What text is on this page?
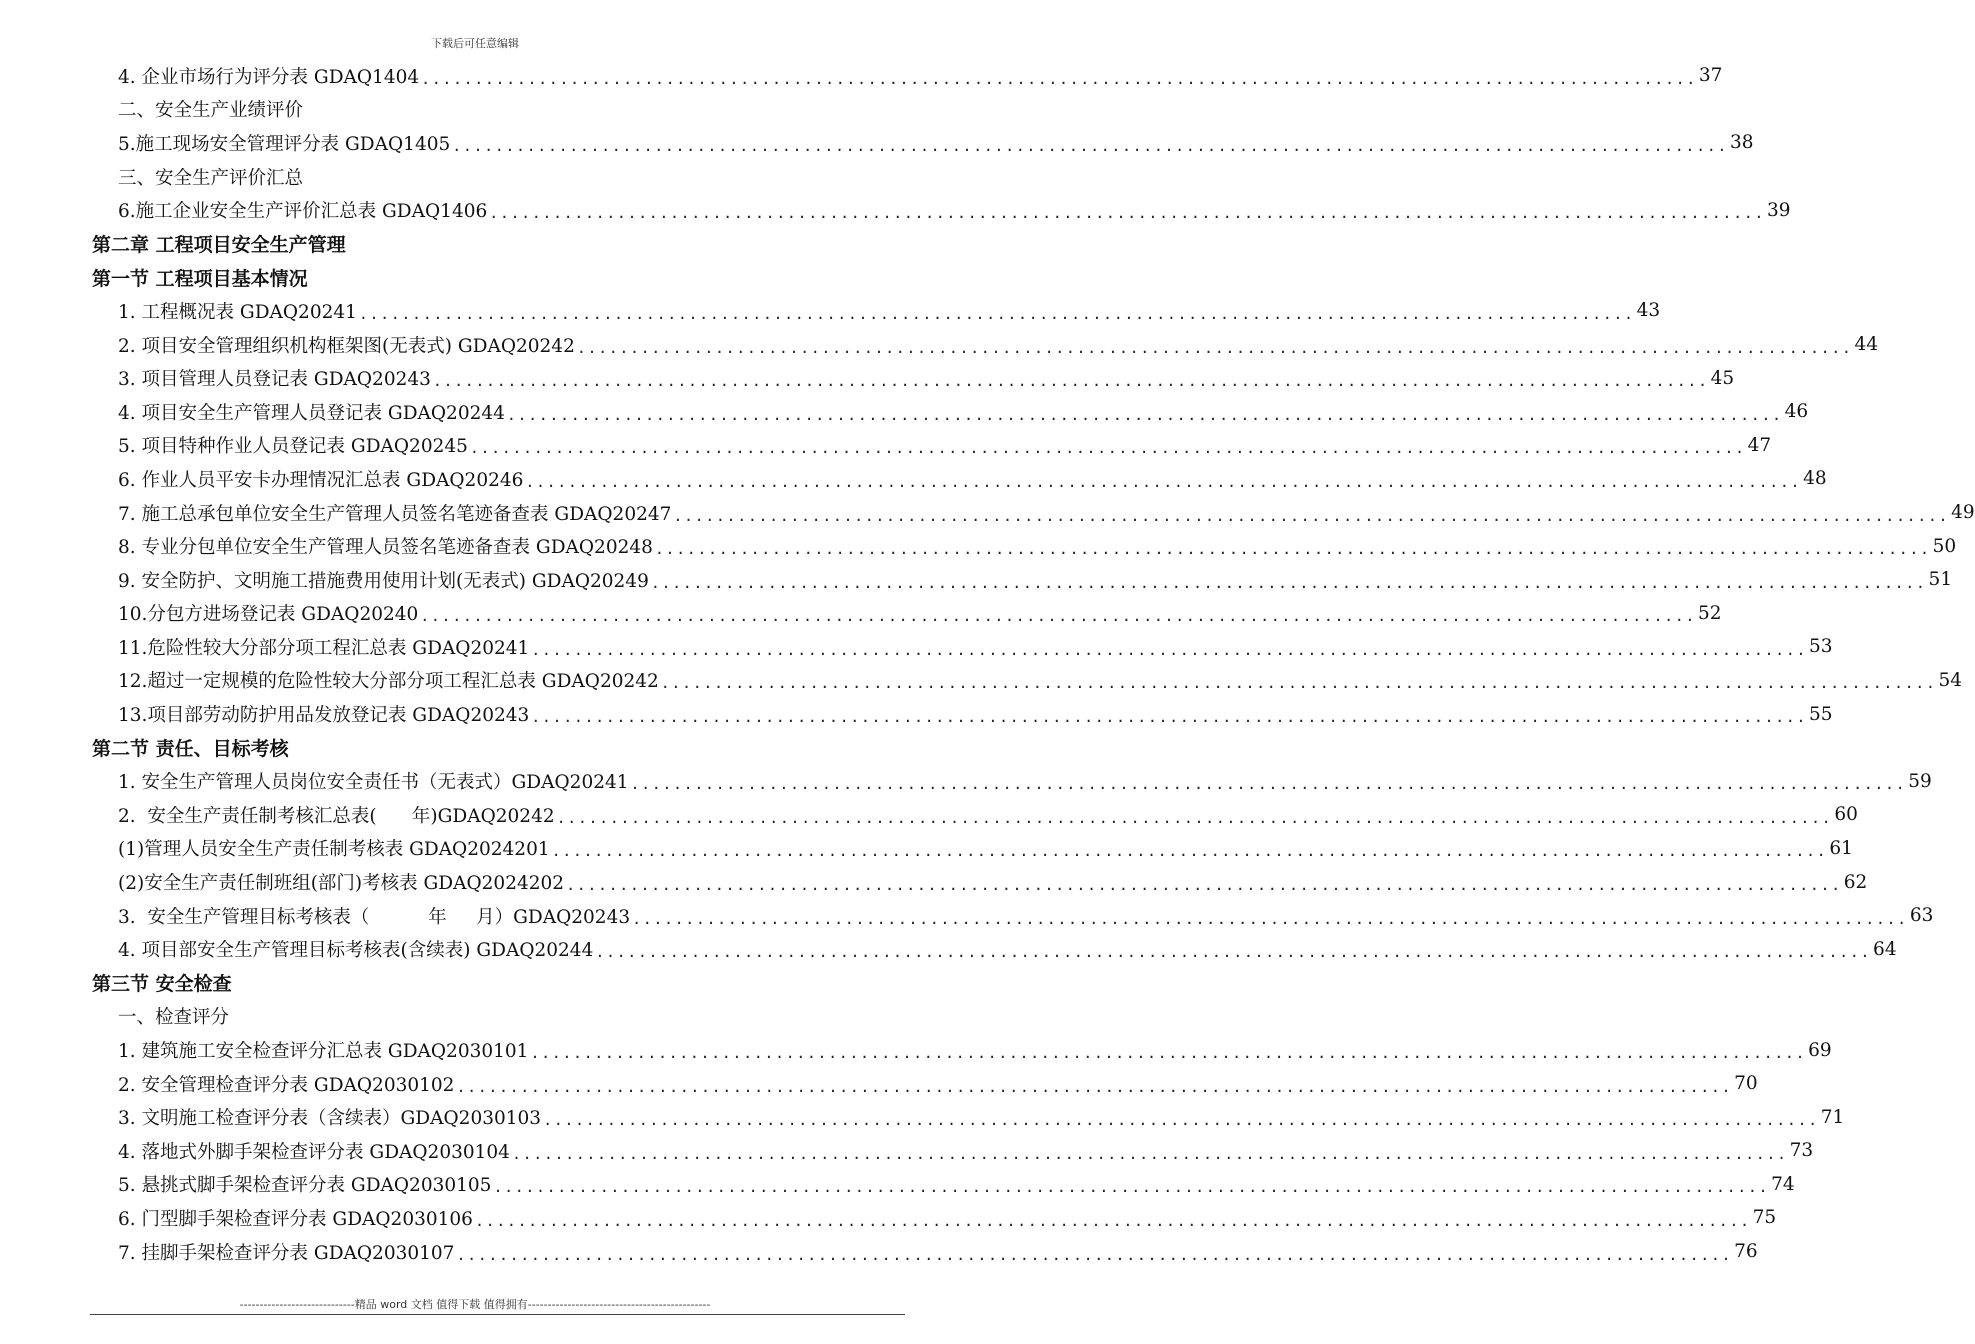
下载后可任意编辑
4. 企业市场行为评分表 GDAQ1404 ........................................................................................................................ 37
二、安全生产业绩评价
5.施工现场安全管理评分表 GDAQ1405 ........................................................................................................................ 38
三、安全生产评价汇总
6.施工企业安全生产评价汇总表 GDAQ1406 ........................................................................................................................ 39
第二章 工程项目安全生产管理
第一节 工程项目基本情况
1. 工程概况表 GDAQ20241 ........................................................................................................................ 43
2. 项目安全管理组织机构框架图(无表式) GDAQ20242 ........................................................................................................................ 44
3. 项目管理人员登记表 GDAQ20243 ........................................................................................................................ 45
4. 项目安全生产管理人员登记表 GDAQ20244 ........................................................................................................................ 46
5. 项目特种作业人员登记表 GDAQ20245 ........................................................................................................................ 47
6. 作业人员平安卡办理情况汇总表 GDAQ20246 ........................................................................................................................ 48
7. 施工总承包单位安全生产管理人员签名笔迹备查表 GDAQ20247 ........................................................................................................................ 49
8. 专业分包单位安全生产管理人员签名笔迹备查表 GDAQ20248 ........................................................................................................................ 50
9. 安全防护、文明施工措施费用使用计划(无表式) GDAQ20249 ........................................................................................................................ 51
10.分包方进场登记表 GDAQ20240 ........................................................................................................................ 52
11.危险性较大分部分项工程汇总表 GDAQ20241 ........................................................................................................................ 53
12.超过一定规模的危险性较大分部分项工程汇总表 GDAQ20242 ........................................................................................................................ 54
13.项目部劳动防护用品发放登记表 GDAQ20243 ........................................................................................................................ 55
第二节 责任、目标考核
1. 安全生产管理人员岗位安全责任书（无表式）GDAQ20241 ........................................................................................................................ 59
2.  安全生产责任制考核汇总表(      年)GDAQ20242 ........................................................................................................................ 60
(1)管理人员安全生产责任制考核表 GDAQ2024201 ........................................................................................................................ 61
(2)安全生产责任制班组(部门)考核表 GDAQ2024202 ........................................................................................................................ 62
3.  安全生产管理目标考核表（          年     月）GDAQ20243 ........................................................................................................................ 63
4. 项目部安全生产管理目标考核表(含续表) GDAQ20244 ........................................................................................................................ 64
第三节 安全检查
一、检查评分
1. 建筑施工安全检查评分汇总表 GDAQ2030101 ........................................................................................................................ 69
2. 安全管理检查评分表 GDAQ2030102 ........................................................................................................................ 70
3. 文明施工检查评分表（含续表）GDAQ2030103 ........................................................................................................................ 71
4. 落地式外脚手架检查评分表 GDAQ2030104 ........................................................................................................................ 73
5. 悬挑式脚手架检查评分表 GDAQ2030105 ........................................................................................................................ 74
6. 门型脚手架检查评分表 GDAQ2030106 ........................................................................................................................ 75
7. 挂脚手架检查评分表 GDAQ2030107 ........................................................................................................................ 76
-----------------------------精品 word 文档 值得下载 值得拥有----------------------------------------------
